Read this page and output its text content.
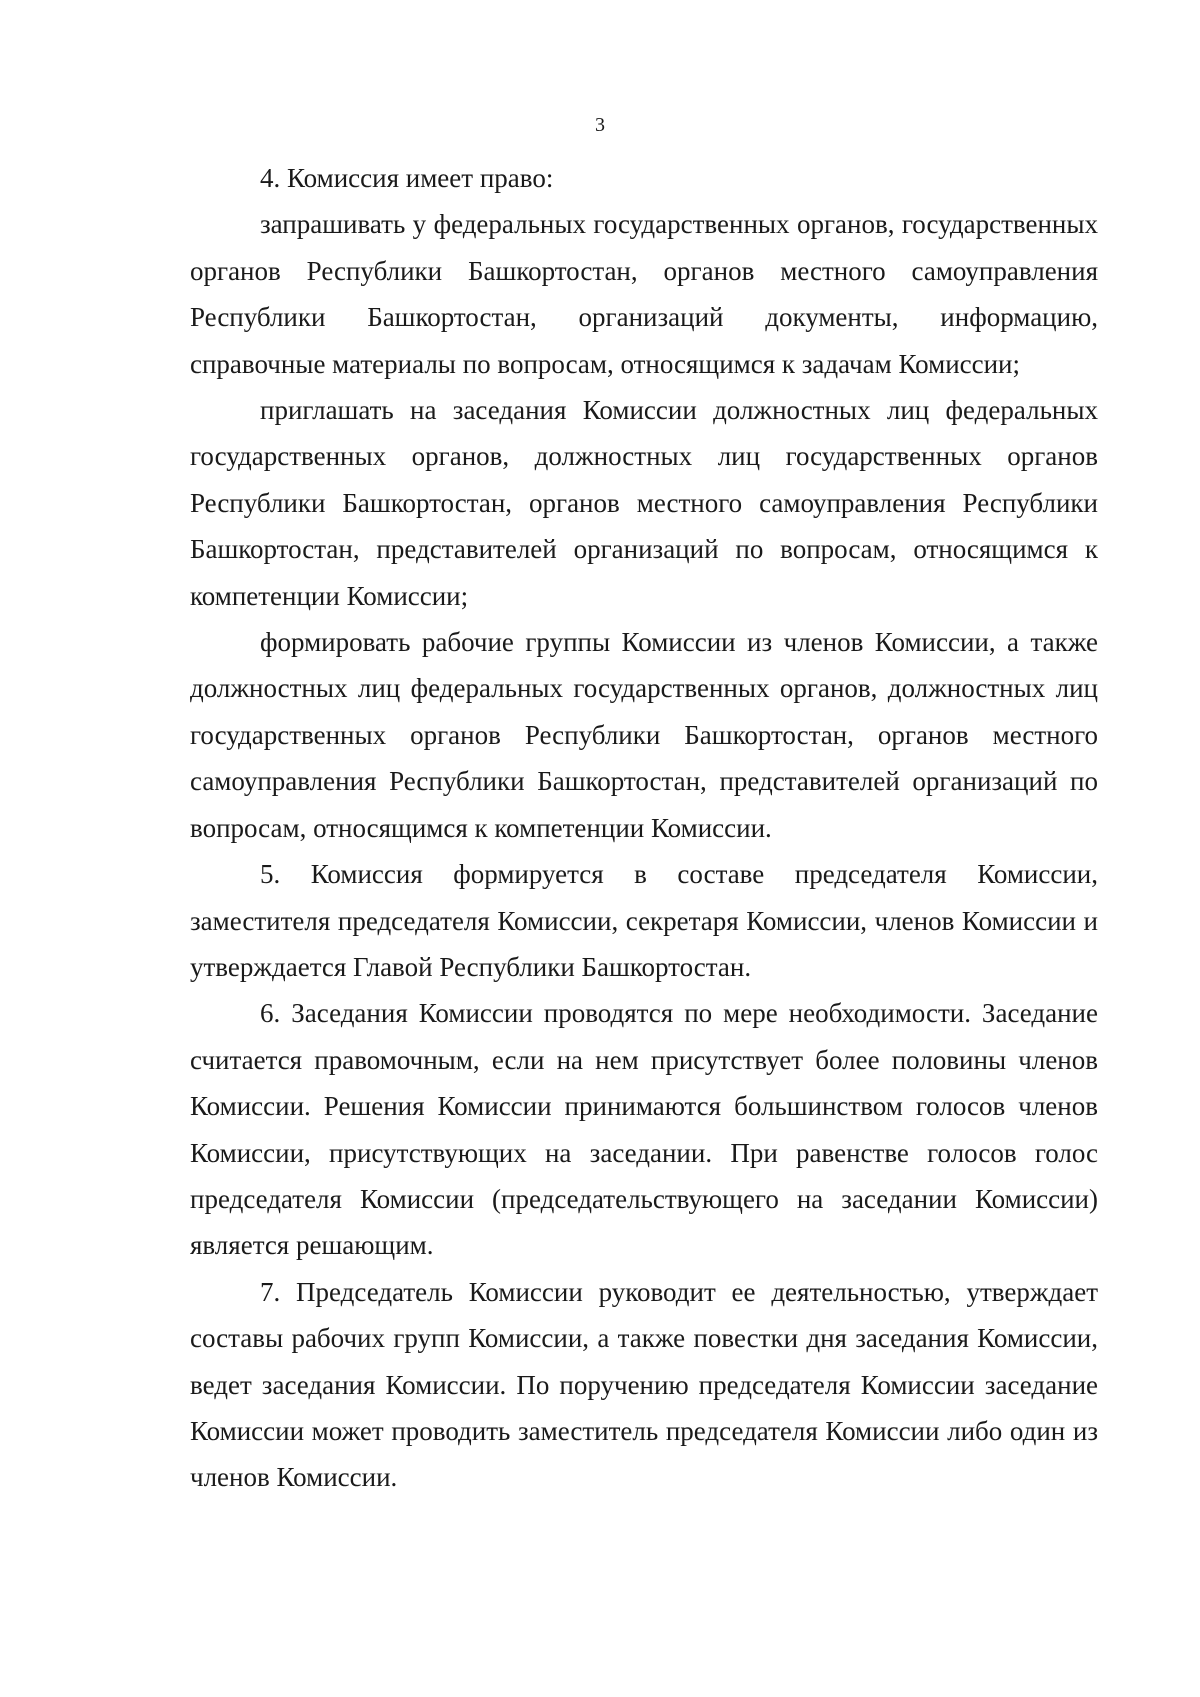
3

4. Комиссия имеет право:

запрашивать у федеральных государственных органов, государственных органов Республики Башкортостан, органов местного самоуправления Республики Башкортостан, организаций документы, информацию, справочные материалы по вопросам, относящимся к задачам Комиссии;

приглашать на заседания Комиссии должностных лиц федеральных государственных органов, должностных лиц государственных органов Республики Башкортостан, органов местного самоуправления Республики Башкортостан, представителей организаций по вопросам, относящимся к компетенции Комиссии;

формировать рабочие группы Комиссии из членов Комиссии, а также должностных лиц федеральных государственных органов, должностных лиц государственных органов Республики Башкортостан, органов местного самоуправления Республики Башкортостан, представителей организаций по вопросам, относящимся к компетенции Комиссии.

5. Комиссия формируется в составе председателя Комиссии, заместителя председателя Комиссии, секретаря Комиссии, членов Комиссии и утверждается Главой Республики Башкортостан.

6. Заседания Комиссии проводятся по мере необходимости. Заседание считается правомочным, если на нем присутствует более половины членов Комиссии. Решения Комиссии принимаются большинством голосов членов Комиссии, присутствующих на заседании. При равенстве голосов голос председателя Комиссии (председательствующего на заседании Комиссии) является решающим.

7. Председатель Комиссии руководит ее деятельностью, утверждает составы рабочих групп Комиссии, а также повестки дня заседания Комиссии, ведет заседания Комиссии. По поручению председателя Комиссии заседание Комиссии может проводить заместитель председателя Комиссии либо один из членов Комиссии.
